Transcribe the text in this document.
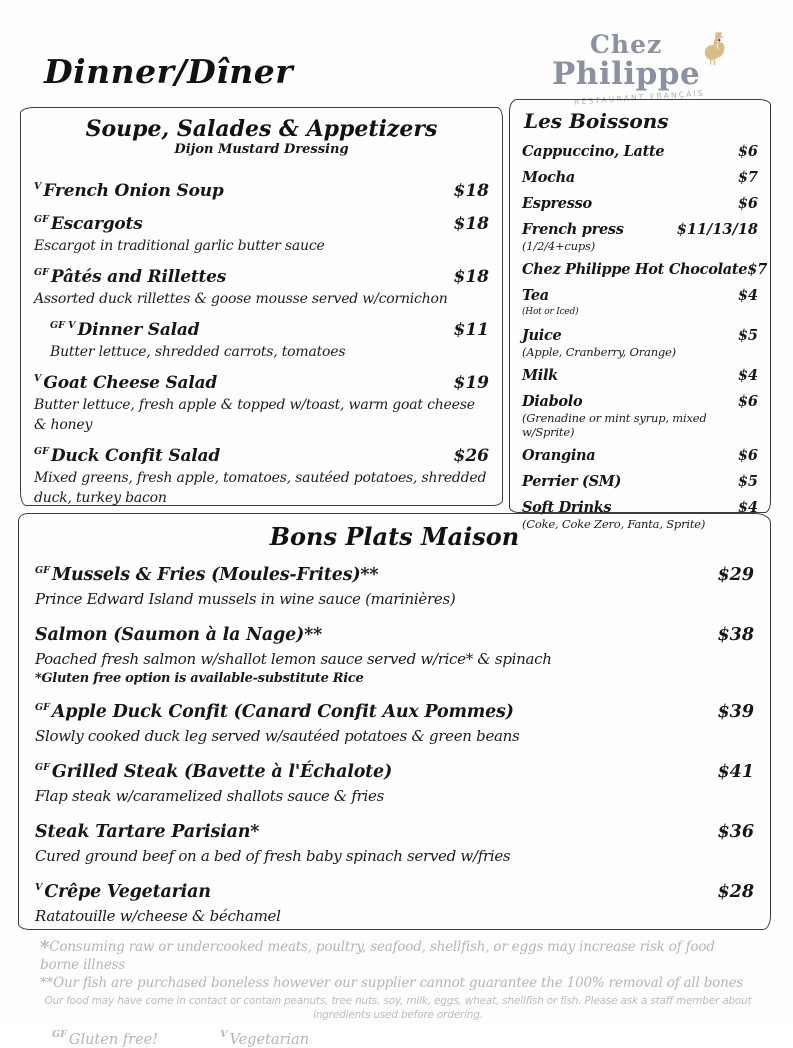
Dinner/Dîner
Chez
Philippe
RESTAURANT FRANÇAIS
Soupe, Salades & Appetizers
Dijon Mustard Dressing
V French Onion Soup	$18
GF Escargots	$18
Escargot in traditional garlic butter sauce
GF Pâtés and Rillettes	$18
Assorted duck rillettes & goose mousse served w/cornichon
GF V Dinner Salad	$11
Butter lettuce, shredded carrots, tomatoes
V Goat Cheese Salad	$19
Butter lettuce, fresh apple & topped w/toast, warm goat cheese & honey
GF Duck Confit Salad	$26
Mixed greens, fresh apple, tomatoes, sautéed potatoes, shredded duck, turkey bacon
Les Boissons
Cappuccino, Latte	$6
Mocha	$7
Espresso	$6
French press	$11/13/18
(1/2/4+cups)
Chez Philippe Hot Chocolate $7
Tea	$4
(Hot or Iced)
Juice	$5
(Apple, Cranberry, Orange)
Milk	$4
Diabolo	$6
(Grenadine or mint syrup, mixed w/Sprite)
Orangina	$6
Perrier (SM)	$5
Soft Drinks	$4
(Coke, Coke Zero, Fanta, Sprite)
Bons Plats Maison
GF Mussels & Fries (Moules-Frites)**	$29
Prince Edward Island mussels in wine sauce (marinières)
Salmon (Saumon à la Nage)**	$38
Poached fresh salmon w/shallot lemon sauce served w/rice* & spinach
*Gluten free option is available-substitute Rice
GF Apple Duck Confit (Canard Confit Aux Pommes)	$39
Slowly cooked duck leg served w/sautéed potatoes & green beans
GF Grilled Steak (Bavette à l'Échalote)	$41
Flap steak w/caramelized shallots sauce & fries
Steak Tartare Parisian*	$36
Cured ground beef on a bed of fresh baby spinach served w/fries
V Crêpe Vegetarian	$28
Ratatouille w/cheese & béchamel
*Consuming raw or undercooked meats, poultry, seafood, shellfish, or eggs may increase risk of food borne illness
**Our fish are purchased boneless however our supplier cannot guarantee the 100% removal of all bones
Our food may have come in contact or contain peanuts, tree nuts, soy, milk, eggs, wheat, shellfish or fish. Please ask a staff member about ingredients used before ordering.
$^{GF}$ Gluten free!	$^V$ Vegetarian
